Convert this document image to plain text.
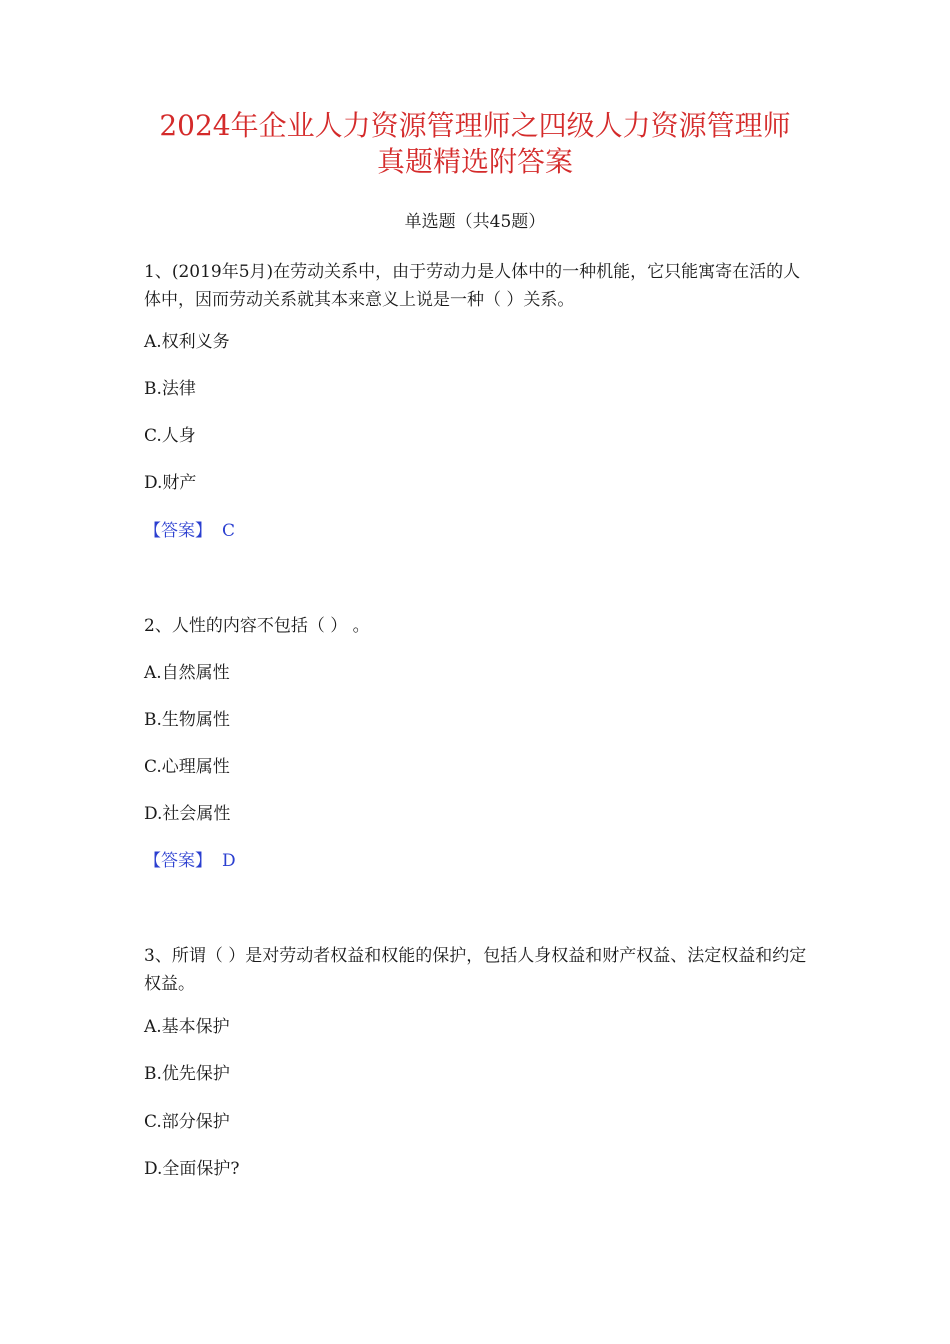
2024年企业人力资源管理师之四级人力资源管理师
真题精选附答案
单选题（共45题）
1、(2019年5月)在劳动关系中，由于劳动力是人体中的一种机能，它只能寓寄在活的人体中，因而劳动关系就其本来意义上说是一种（ ）关系。
A.权利义务
B.法律
C.人身
D.财产
【答案】 C
2、人性的内容不包括（ ） 。
A.自然属性
B.生物属性
C.心理属性
D.社会属性
【答案】 D
3、所谓（ ）是对劳动者权益和权能的保护，包括人身权益和财产权益、法定权益和约定权益。
A.基本保护
B.优先保护
C.部分保护
D.全面保护?
